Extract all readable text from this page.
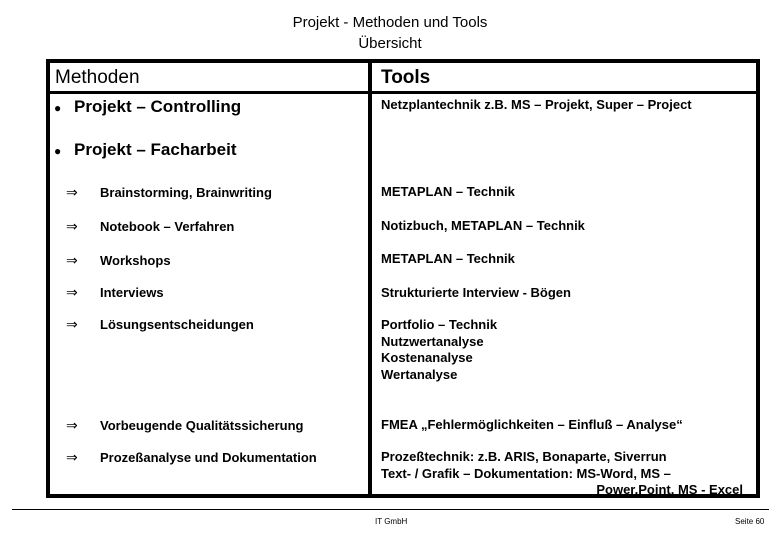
Projekt - Methoden und Tools
Übersicht
Methoden	Tools
● Projekt – Controlling
● Projekt – Facharbeit
⇒ Brainstorming, Brainwriting
⇒ Notebook – Verfahren
⇒ Workshops
⇒ Interviews
⇒ Lösungsentscheidungen
⇒ Vorbeugende Qualitätssicherung
⇒ Prozeßanalyse und Dokumentation
Netzplantechnik z.B. MS – Projekt, Super – Project
METAPLAN – Technik
Notizbuch, METAPLAN – Technik
METAPLAN – Technik
Strukturierte Interview - Bögen
Portfolio – Technik
Nutzwertanalyse
Kostenanalyse
Wertanalyse
FMEA „Fehlermöglichkeiten – Einfluß – Analyse“
Prozeßtechnik: z.B. ARIS, Bonaparte, Siverrun
Text- / Grafik – Dokumentation: MS-Word, MS –
Power.Point, MS - Excel
IT GmbH	Seite 60
